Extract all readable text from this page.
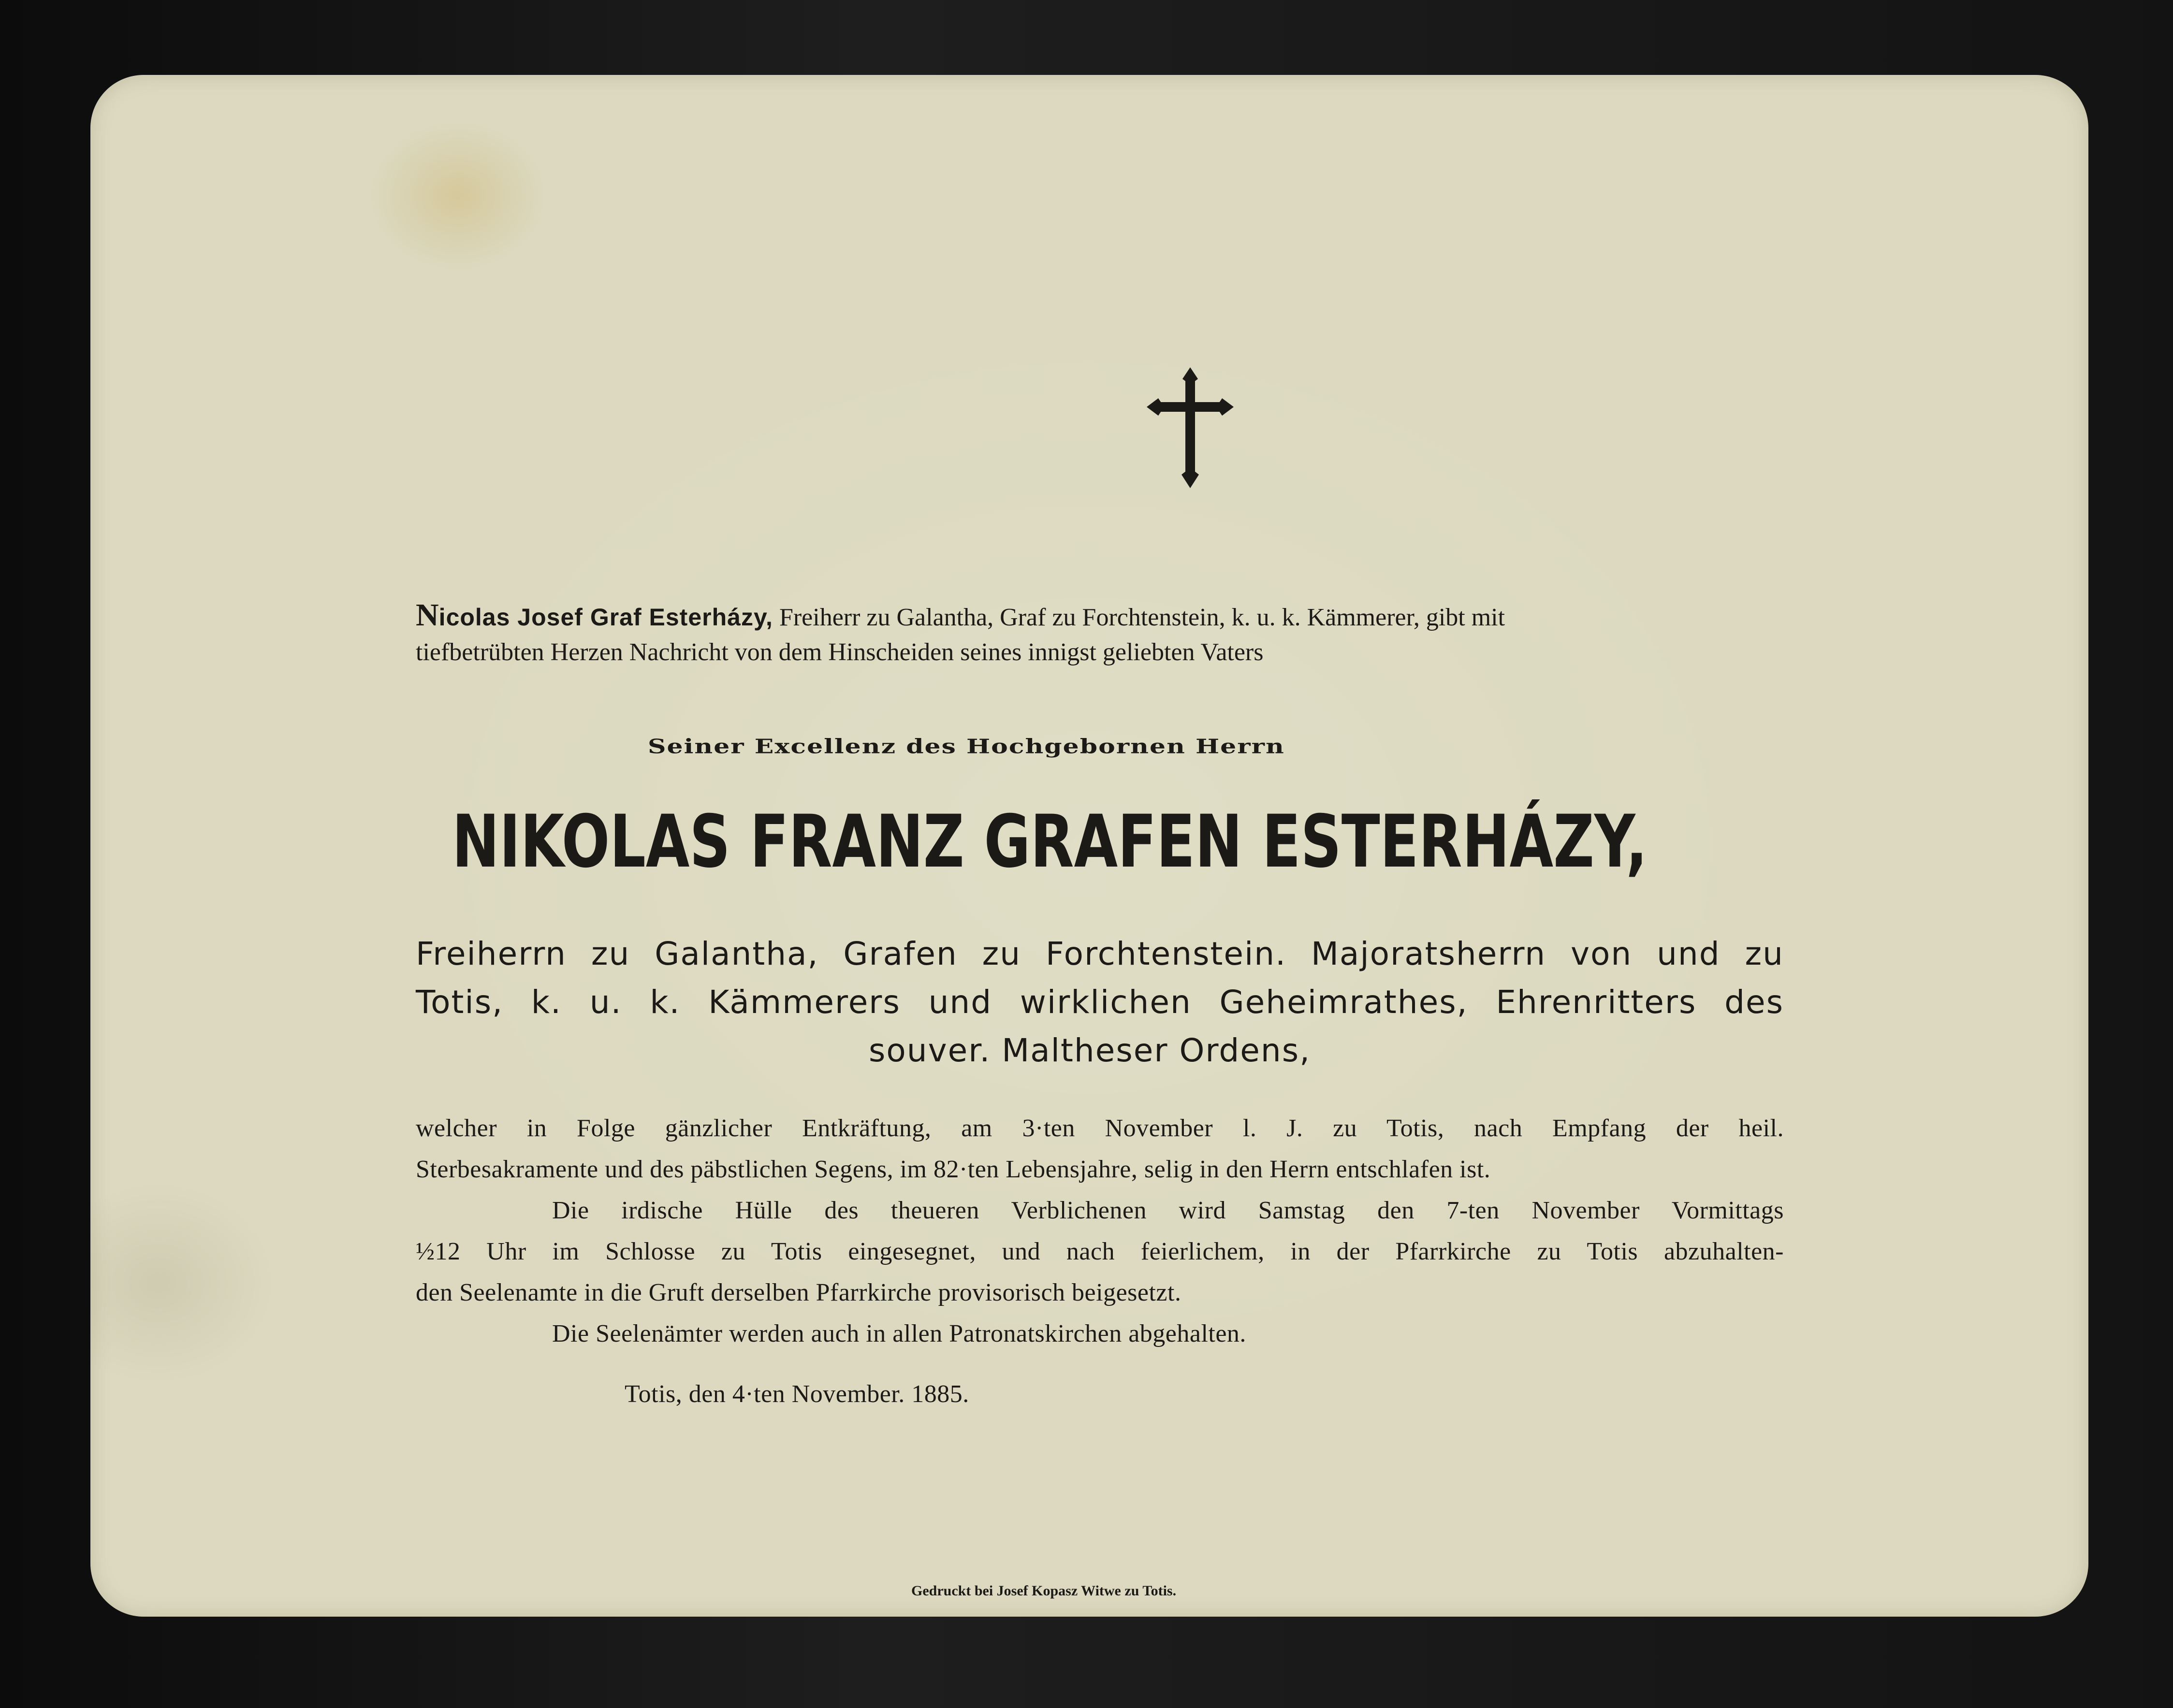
Nicolas Josef Graf Esterházy, Freiherr zu Galantha, Graf zu Forchtenstein, k. u. k. Kämmerer, gibt mit
tiefbetrübten Herzen Nachricht von dem Hinscheiden seines innigst geliebten Vaters
Seiner Excellenz des Hochgebornen Herrn
NIKOLAS FRANZ GRAFEN ESTERHÁZY,
Freiherrn zu Galantha, Grafen zu Forchtenstein. Majoratsherrn von und zu
Totis, k. u. k. Kämmerers und wirklichen Geheimrathes, Ehrenritters des
souver. Maltheser Ordens,
welcher in Folge gänzlicher Entkräftung, am 3·ten November l. J. zu Totis, nach Empfang der heil.
Sterbesakramente und des päbstlichen Segens, im 82·ten Lebensjahre, selig in den Herrn entschlafen ist.
Die irdische Hülle des theueren Verblichenen wird Samstag den 7-ten November Vormittags
½12 Uhr im Schlosse zu Totis eingesegnet, und nach feierlichem, in der Pfarrkirche zu Totis abzuhalten-
den Seelenamte in die Gruft derselben Pfarrkirche provisorisch beigesetzt.
Die Seelenämter werden auch in allen Patronatskirchen abgehalten.
Totis, den 4·ten November. 1885.
Gedruckt bei Josef Kopasz Witwe zu Totis.
